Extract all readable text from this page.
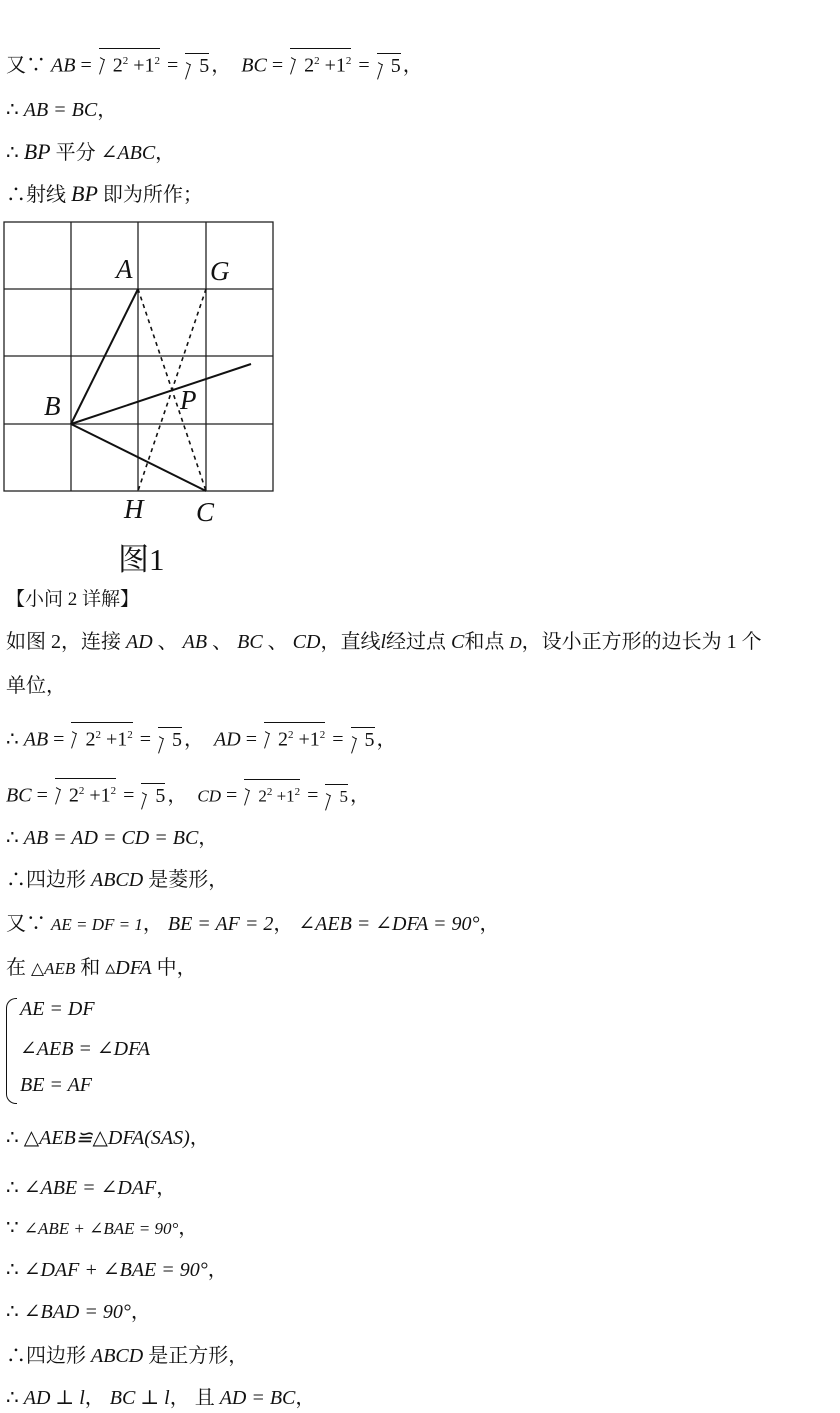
又∵ AB = $2^2 +1^2 = 5$ ，  BC = $2^2 +1^2 = 5$ ，
∴ AB = BC，
∴ BP 平分 ∠ABC，
∴射线 BP 即为所作；
A	G
B	P
H C
图1
【小问 2 详解】
如图 2，连接 AD 、 AB 、 BC 、 CD，直线l经过点 C和点 D，设小正方形的边长为 1 个
单位，
∴ AB = $2^2 +1^2 = 5$ ，  AD = $2^2 +1^2 = 5$ ，
BC = $2^2 +1^2 = 5$ ，  CD = $2^2 +1^2 = 5$ ，
∴ AB = AD = CD = BC，
∴四边形 ABCD 是菱形，
又∵ AE = DF = 1， BE = AF = 2， ∠AEB = ∠DFA = 90°，
在 △AEB 和 ▵DFA 中，
AE = DF
∠AEB = ∠DFA
BE = AF
∴ △AEB≌△DFA(SAS)，
∴ ∠ABE = ∠DAF，
∵ ∠ABE + ∠BAE = 90°，
∴ ∠DAF + ∠BAE = 90°，
∴ ∠BAD = 90°，
∴四边形 ABCD 是正方形，
∴ AD ⊥ l， BC ⊥ l， 且 AD = BC，
